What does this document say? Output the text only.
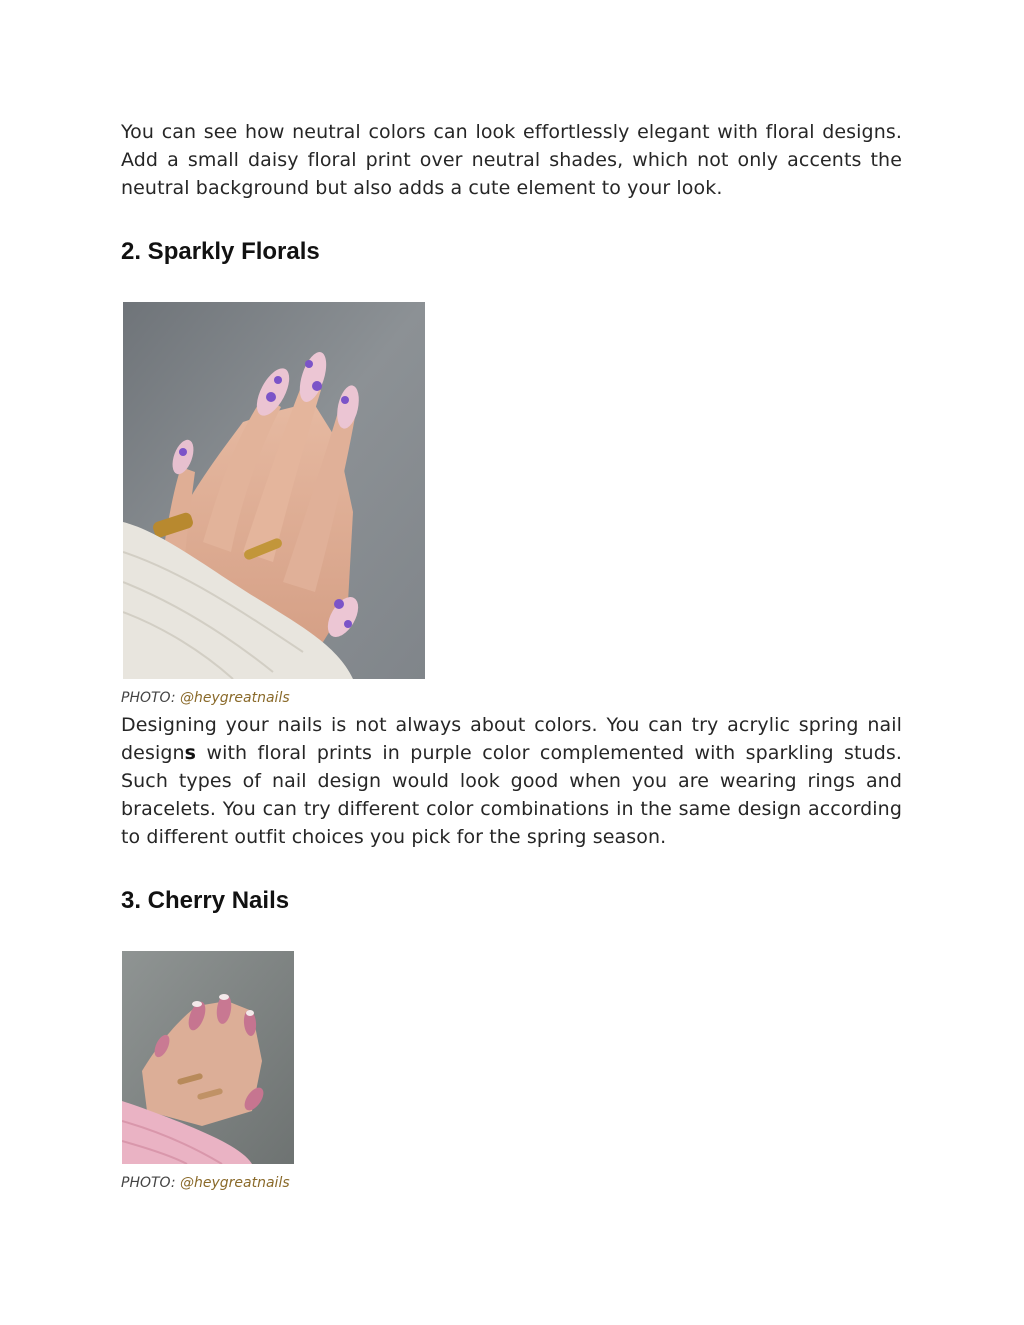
You can see how neutral colors can look effortlessly elegant with floral designs. Add a small daisy floral print over neutral shades, which not only accents the neutral background but also adds a cute element to your look.

2. Sparkly Florals
PHOTO: @heygreatnails

Designing your nails is not always about colors. You can try acrylic spring nail designs with floral prints in purple color complemented with sparkling studs. Such types of nail design would look good when you are wearing rings and bracelets. You can try different color combinations in the same design according to different outfit choices you pick for the spring season.

3. Cherry Nails
PHOTO: @heygreatnails
